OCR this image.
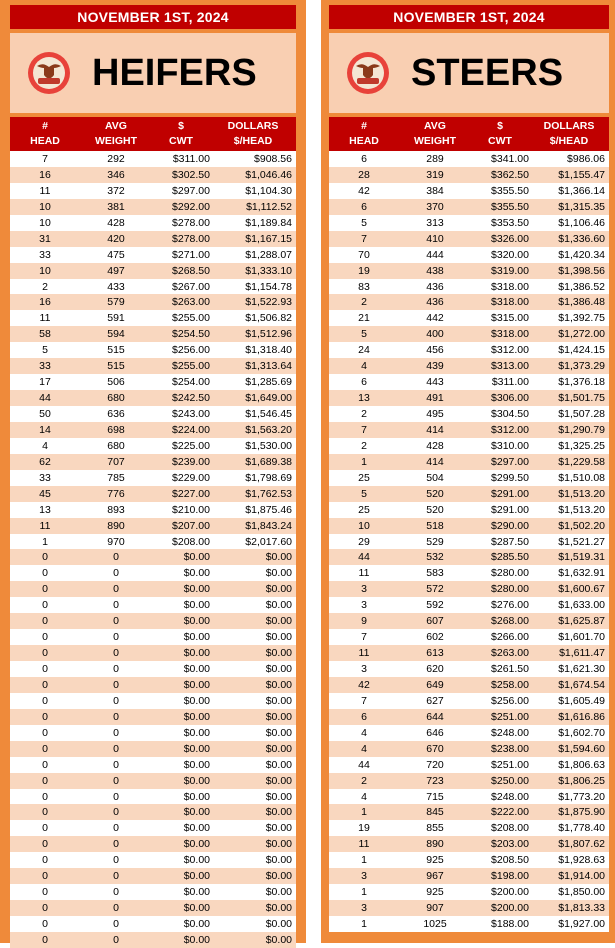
NOVEMBER 1ST, 2024
HEIFERS
#
HEAD
AVG
WEIGHT
$
CWT
DOLLARS
$/HEAD
7	292	$311.00	$908.56
16	346	$302.50	$1,046.46
11	372	$297.00	$1,104.30
10	381	$292.00	$1,112.52
10	428	$278.00	$1,189.84
31	420	$278.00	$1,167.15
33	475	$271.00	$1,288.07
10	497	$268.50	$1,333.10
2	433	$267.00	$1,154.78
16	579	$263.00	$1,522.93
11	591	$255.00	$1,506.82
58	594	$254.50	$1,512.96
5	515	$256.00	$1,318.40
33	515	$255.00	$1,313.64
17	506	$254.00	$1,285.69
44	680	$242.50	$1,649.00
50	636	$243.00	$1,546.45
14	698	$224.00	$1,563.20
4	680	$225.00	$1,530.00
62	707	$239.00	$1,689.38
33	785	$229.00	$1,798.69
45	776	$227.00	$1,762.53
13	893	$210.00	$1,875.46
11	890	$207.00	$1,843.24
1	970	$208.00	$2,017.60
0	0	$0.00	$0.00
0	0	$0.00	$0.00
0	0	$0.00	$0.00
0	0	$0.00	$0.00
0	0	$0.00	$0.00
0	0	$0.00	$0.00
0	0	$0.00	$0.00
0	0	$0.00	$0.00
0	0	$0.00	$0.00
0	0	$0.00	$0.00
0	0	$0.00	$0.00
0	0	$0.00	$0.00
0	0	$0.00	$0.00
0	0	$0.00	$0.00
0	0	$0.00	$0.00
0	0	$0.00	$0.00
0	0	$0.00	$0.00
0	0	$0.00	$0.00
0	0	$0.00	$0.00
0	0	$0.00	$0.00
0	0	$0.00	$0.00
0	0	$0.00	$0.00
0	0	$0.00	$0.00
0	0	$0.00	$0.00
0	0	$0.00	$0.00
NOVEMBER 1ST, 2024
STEERS
#
HEAD
AVG
WEIGHT
$
CWT
DOLLARS
$/HEAD
6	289	$341.00	$986.06
28	319	$362.50	$1,155.47
42	384	$355.50	$1,366.14
6	370	$355.50	$1,315.35
5	313	$353.50	$1,106.46
7	410	$326.00	$1,336.60
70	444	$320.00	$1,420.34
19	438	$319.00	$1,398.56
83	436	$318.00	$1,386.52
2	436	$318.00	$1,386.48
21	442	$315.00	$1,392.75
5	400	$318.00	$1,272.00
24	456	$312.00	$1,424.15
4	439	$313.00	$1,373.29
6	443	$311.00	$1,376.18
13	491	$306.00	$1,501.75
2	495	$304.50	$1,507.28
7	414	$312.00	$1,290.79
2	428	$310.00	$1,325.25
1	414	$297.00	$1,229.58
25	504	$299.50	$1,510.08
5	520	$291.00	$1,513.20
25	520	$291.00	$1,513.20
10	518	$290.00	$1,502.20
29	529	$287.50	$1,521.27
44	532	$285.50	$1,519.31
11	583	$280.00	$1,632.91
3	572	$280.00	$1,600.67
3	592	$276.00	$1,633.00
9	607	$268.00	$1,625.87
7	602	$266.00	$1,601.70
11	613	$263.00	$1,611.47
3	620	$261.50	$1,621.30
42	649	$258.00	$1,674.54
7	627	$256.00	$1,605.49
6	644	$251.00	$1,616.86
4	646	$248.00	$1,602.70
4	670	$238.00	$1,594.60
44	720	$251.00	$1,806.63
2	723	$250.00	$1,806.25
4	715	$248.00	$1,773.20
1	845	$222.00	$1,875.90
19	855	$208.00	$1,778.40
11	890	$203.00	$1,807.62
1	925	$208.50	$1,928.63
3	967	$198.00	$1,914.00
1	925	$200.00	$1,850.00
3	907	$200.00	$1,813.33
1	1025	$188.00	$1,927.00
